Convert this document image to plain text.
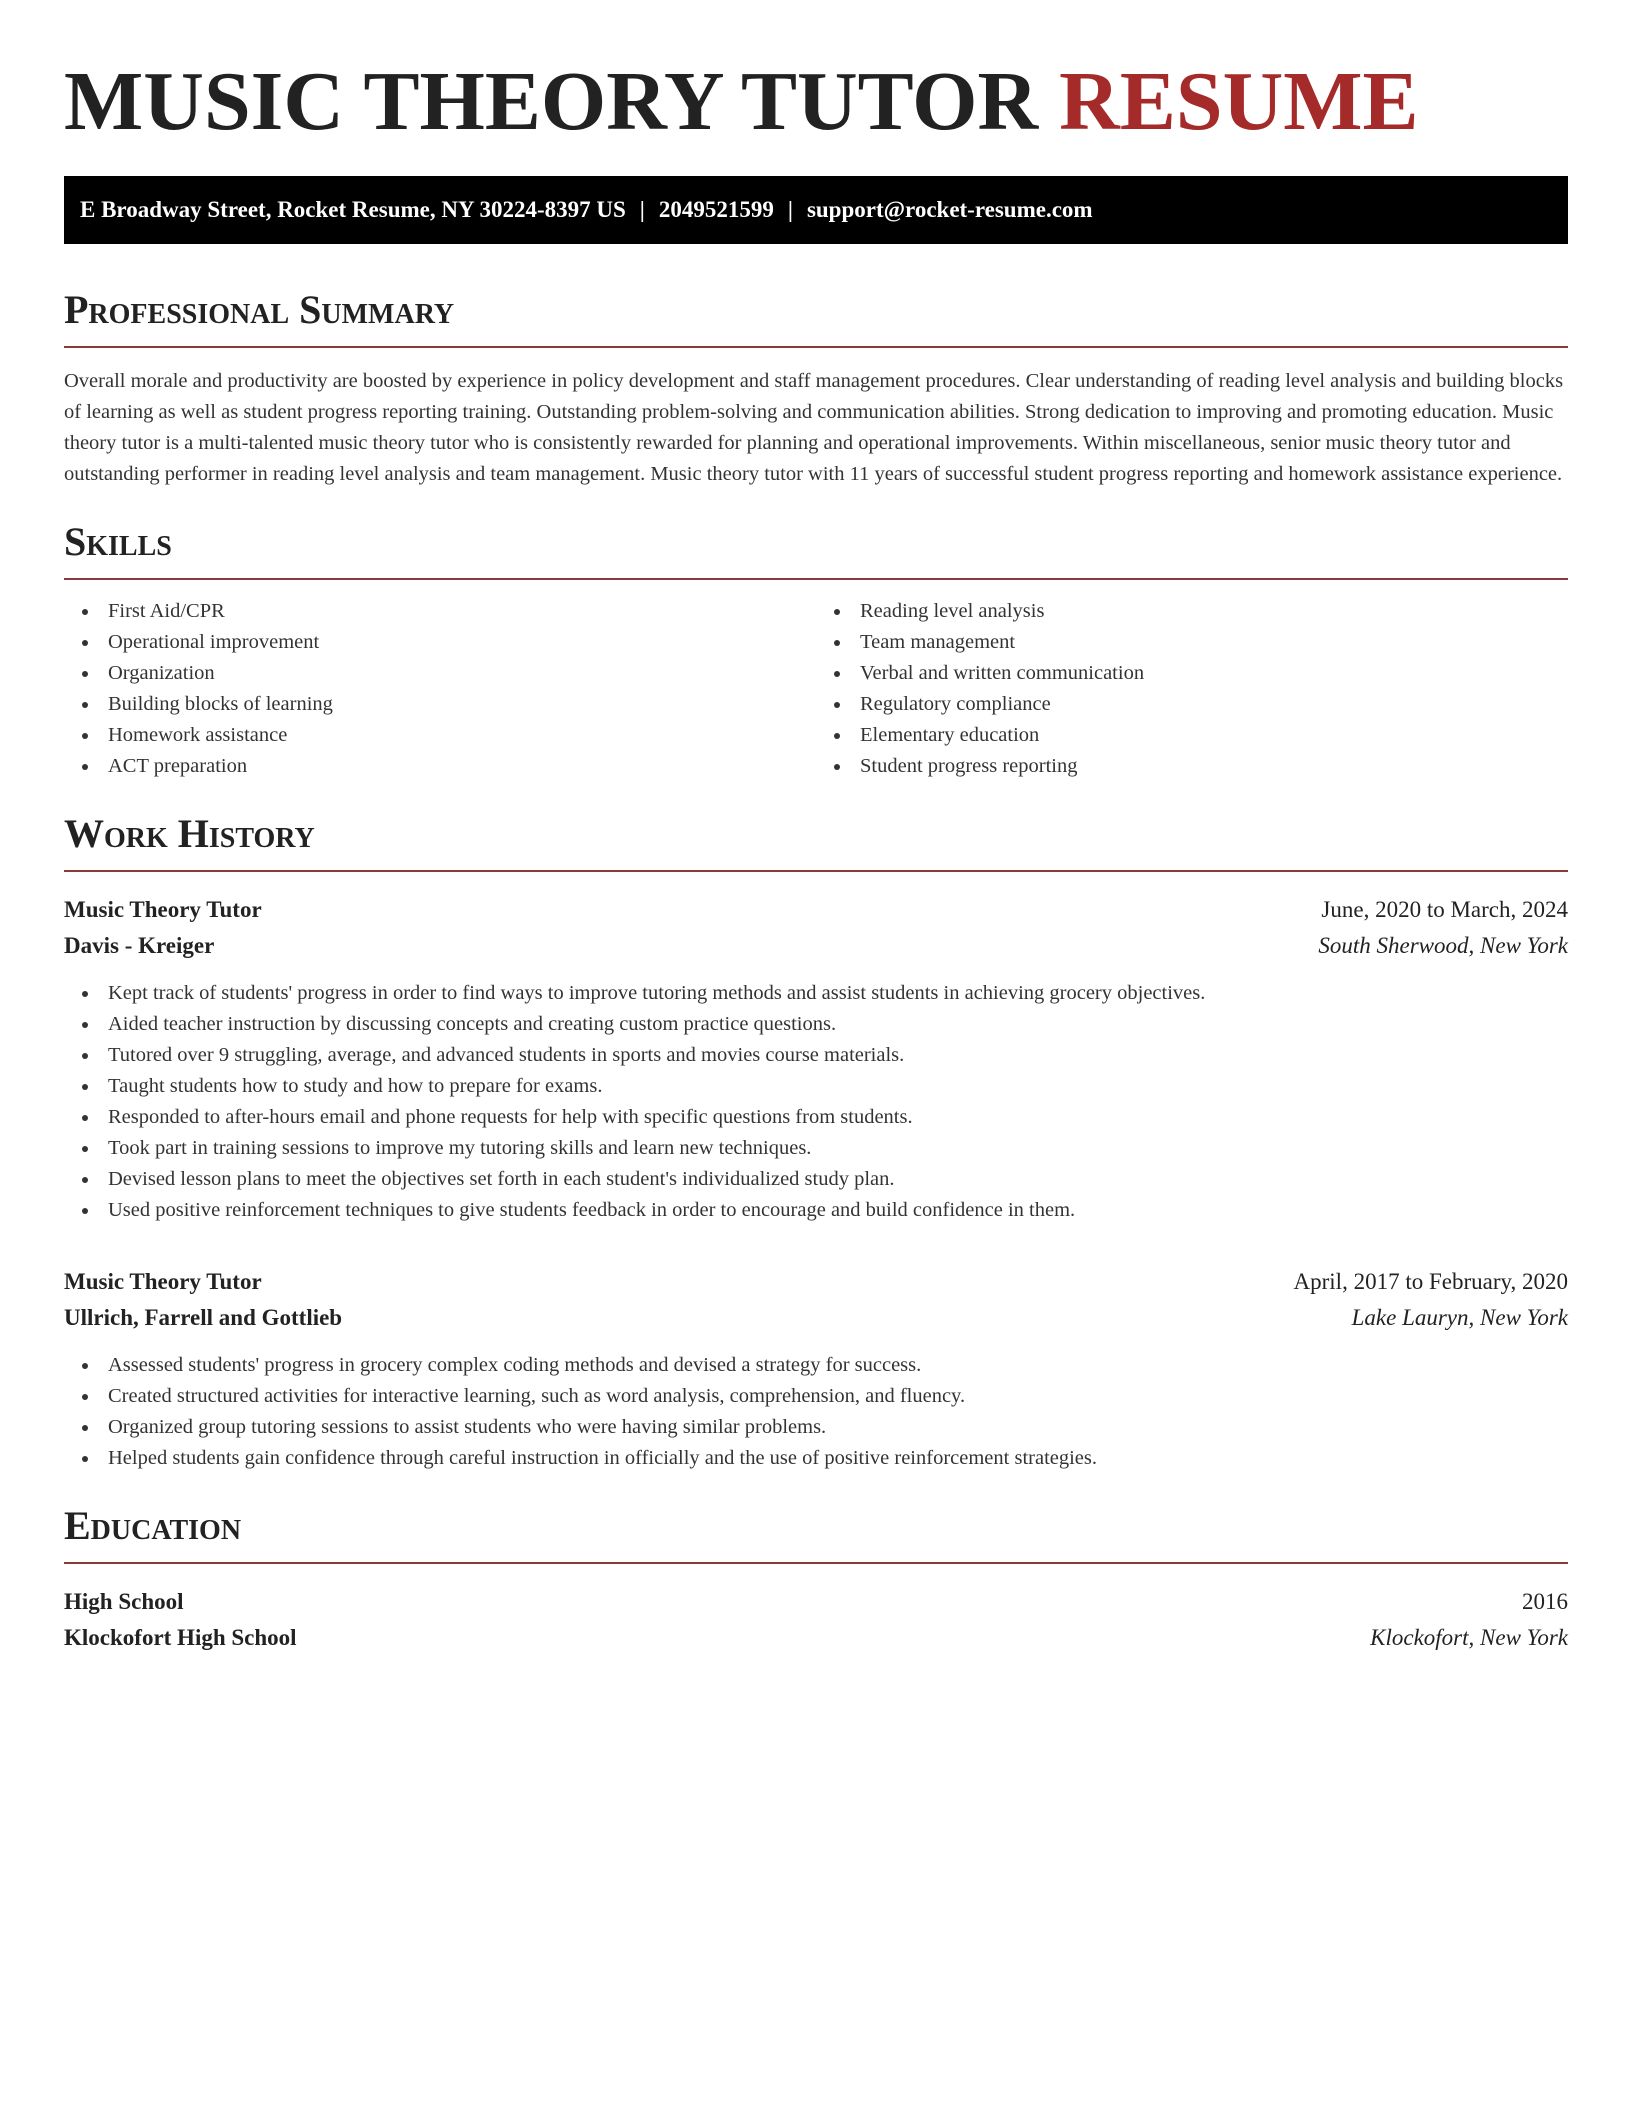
MUSIC THEORY TUTOR RESUME
E Broadway Street, Rocket Resume, NY 30224-8397 US | 2049521599 | support@rocket-resume.com
Professional Summary

Overall morale and productivity are boosted by experience in policy development and staff management procedures. Clear understanding of reading level analysis and building blocks of learning as well as student progress reporting training. Outstanding problem-solving and communication abilities. Strong dedication to improving and promoting education. Music theory tutor is a multi-talented music theory tutor who is consistently rewarded for planning and operational improvements. Within miscellaneous, senior music theory tutor and outstanding performer in reading level analysis and team management. Music theory tutor with 11 years of successful student progress reporting and homework assistance experience.

Skills
First Aid/CPR
Operational improvement
Organization
Building blocks of learning
Homework assistance
ACT preparation
Reading level analysis
Team management
Verbal and written communication
Regulatory compliance
Elementary education
Student progress reporting
Work History
Music Theory Tutor	June, 2020 to March, 2024
Davis - Kreiger	South Sherwood, New York
Kept track of students' progress in order to find ways to improve tutoring methods and assist students in achieving grocery objectives.
Aided teacher instruction by discussing concepts and creating custom practice questions.
Tutored over 9 struggling, average, and advanced students in sports and movies course materials.
Taught students how to study and how to prepare for exams.
Responded to after-hours email and phone requests for help with specific questions from students.
Took part in training sessions to improve my tutoring skills and learn new techniques.
Devised lesson plans to meet the objectives set forth in each student's individualized study plan.
Used positive reinforcement techniques to give students feedback in order to encourage and build confidence in them.
Music Theory Tutor	April, 2017 to February, 2020
Ullrich, Farrell and Gottlieb	Lake Lauryn, New York
Assessed students' progress in grocery complex coding methods and devised a strategy for success.
Created structured activities for interactive learning, such as word analysis, comprehension, and fluency.
Organized group tutoring sessions to assist students who were having similar problems.
Helped students gain confidence through careful instruction in officially and the use of positive reinforcement strategies.
Education
High School	2016
Klockofort High School	Klockofort, New York
